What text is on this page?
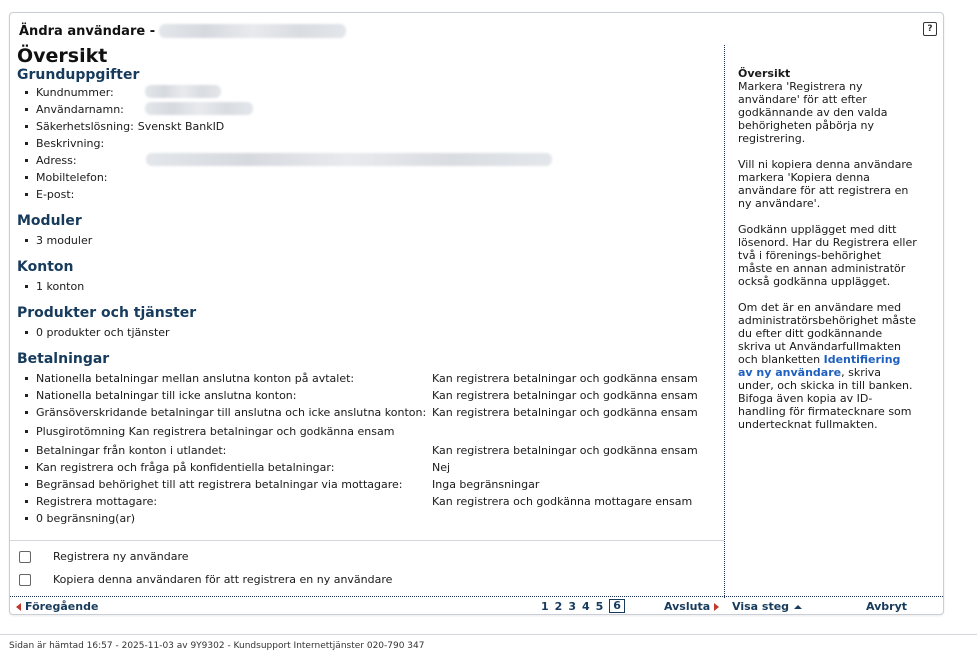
Ändra användare -	?
Översikt
Grunduppgifter
Kundnummer:
Användarnamn:
Säkerhetslösning: Svenskt BankID
Beskrivning:
Adress:
Mobiltelefon:
E-post:
Moduler
3 moduler
Konton
1 konton
Produkter och tjänster
0 produkter och tjänster
Betalningar
Nationella betalningar mellan anslutna konton på avtalet:	Kan registrera betalningar och godkänna ensam
Nationella betalningar till icke anslutna konton:	Kan registrera betalningar och godkänna ensam
Gränsöverskridande betalningar till anslutna och icke anslutna konton: Kan registrera betalningar och godkänna ensam
Plusgirotömning Kan registrera betalningar och godkänna ensam
Betalningar från konton i utlandet:	Kan registrera betalningar och godkänna ensam
Kan registrera och fråga på konfidentiella betalningar:	Nej
Begränsad behörighet till att registrera betalningar via mottagare:	Inga begränsningar
Registrera mottagare:	Kan registrera och godkänna mottagare ensam
0 begränsning(ar)
Registrera ny användare
Kopiera denna användaren för att registrera en ny användare

Översikt
Markera 'Registrera ny användare' för att efter godkännande av den valda behörigheten påbörja ny registrering.

Vill ni kopiera denna användare markera 'Kopiera denna användare för att registrera en ny användare'.

Godkänn upplägget med ditt lösenord. Har du Registrera eller två i förenings-behörighet måste en annan administratör också godkänna upplägget.

Om det är en användare med administratörsbehörighet måste du efter ditt godkännande skriva ut Användarfullmakten och blanketten Identifiering av ny användare, skriva under, och skicka in till banken. Bifoga även kopia av ID-handling för firmatecknare som undertecknat fullmakten.

Föregående	1 2 3 4 5 6	Avsluta Visa steg	Avbryt
Sidan är hämtad 16:57 - 2025-11-03 av 9Y9302 - Kundsupport Internettjänster 020-790 347
